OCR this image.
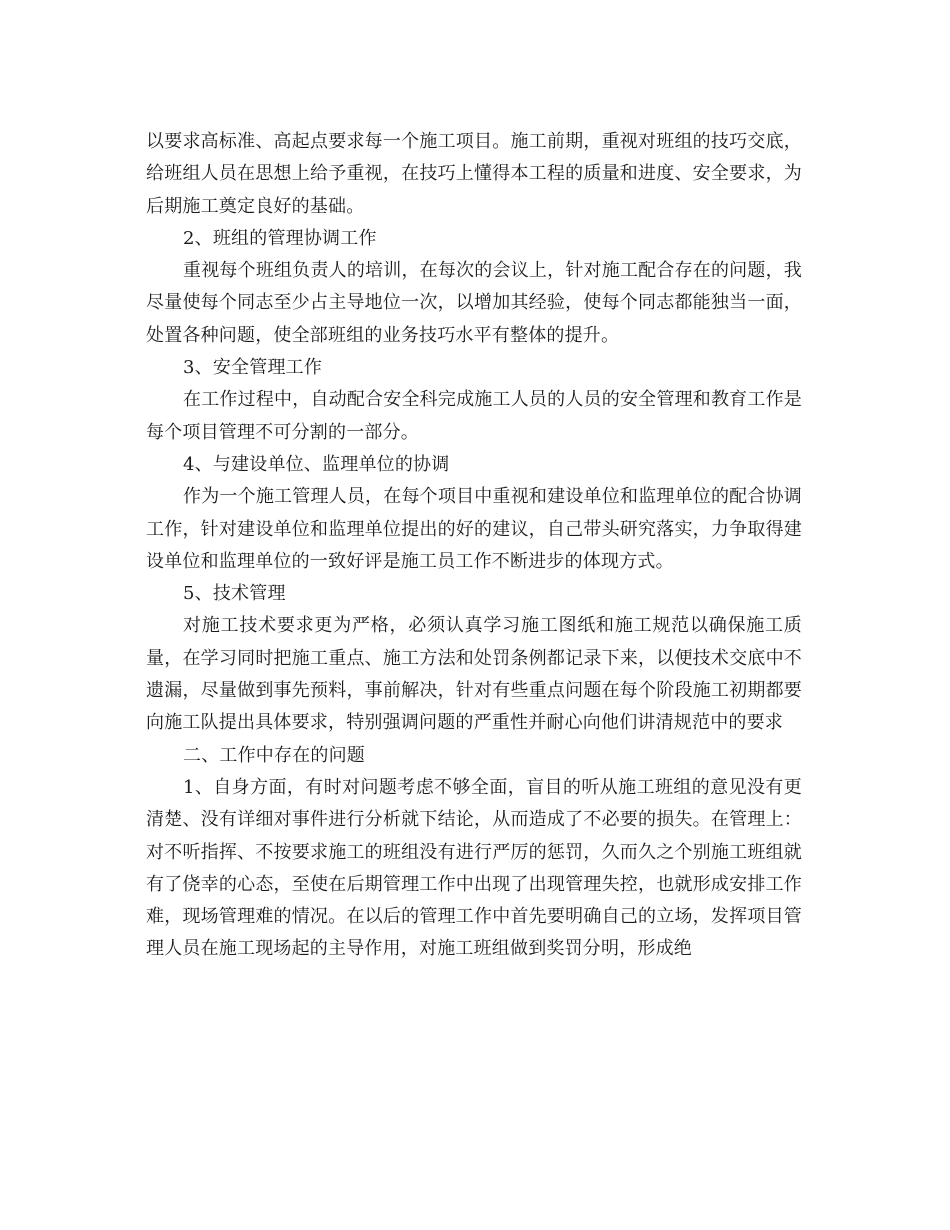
以要求高标准、高起点要求每一个施工项目。施工前期，重视对班组的技巧交底，给班组人员在思想上给予重视，在技巧上懂得本工程的质量和进度、安全要求，为后期施工奠定良好的基础。

2、班组的管理协调工作

重视每个班组负责人的培训，在每次的会议上，针对施工配合存在的问题，我尽量使每个同志至少占主导地位一次，以增加其经验，使每个同志都能独当一面，处置各种问题，使全部班组的业务技巧水平有整体的提升。

3、安全管理工作

在工作过程中，自动配合安全科完成施工人员的人员的安全管理和教育工作是每个项目管理不可分割的一部分。

4、与建设单位、监理单位的协调

作为一个施工管理人员，在每个项目中重视和建设单位和监理单位的配合协调工作，针对建设单位和监理单位提出的好的建议，自己带头研究落实，力争取得建设单位和监理单位的一致好评是施工员工作不断进步的体现方式。

5、技术管理

对施工技术要求更为严格，必须认真学习施工图纸和施工规范以确保施工质量，在学习同时把施工重点、施工方法和处罚条例都记录下来，以便技术交底中不遗漏，尽量做到事先预料，事前解决，针对有些重点问题在每个阶段施工初期都要向施工队提出具体要求，特别强调问题的严重性并耐心向他们讲清规范中的要求

二、工作中存在的问题

1、自身方面，有时对问题考虑不够全面，盲目的听从施工班组的意见没有更清楚、没有详细对事件进行分析就下结论，从而造成了不必要的损失。在管理上：对不听指挥、不按要求施工的班组没有进行严厉的惩罚，久而久之个别施工班组就有了侥幸的心态，至使在后期管理工作中出现了出现管理失控，也就形成安排工作难，现场管理难的情况。在以后的管理工作中首先要明确自己的立场，发挥项目管理人员在施工现场起的主导作用，对施工班组做到奖罚分明，形成绝
